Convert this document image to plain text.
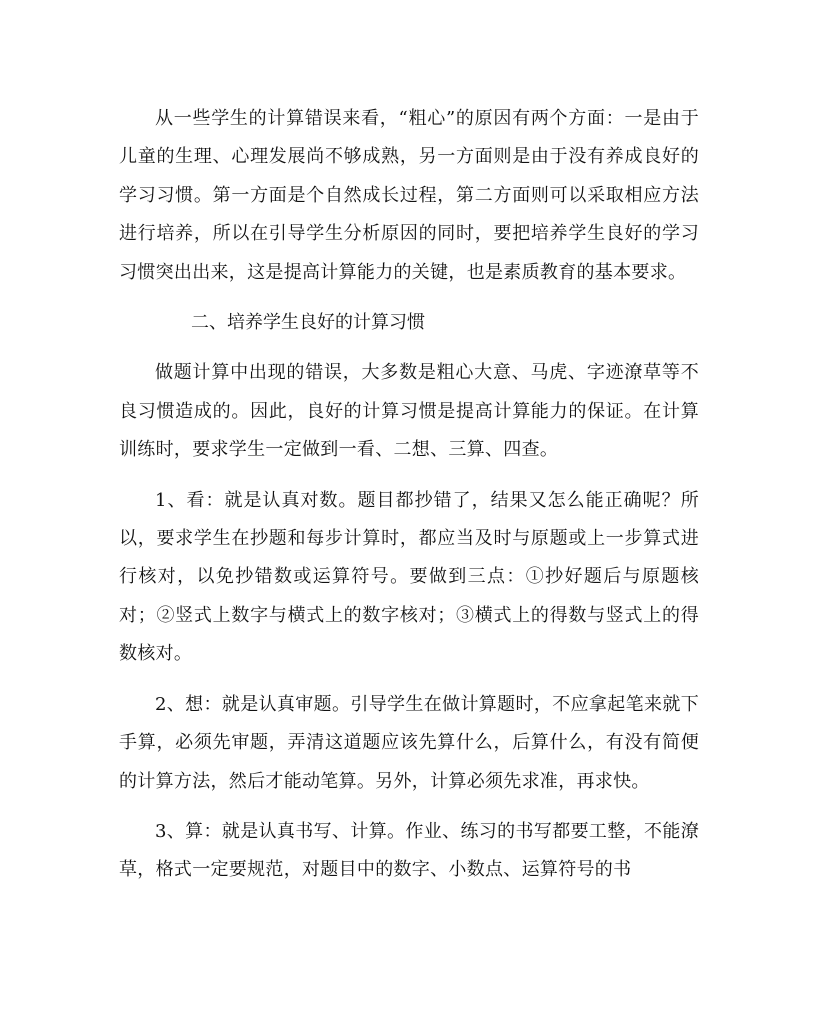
从一些学生的计算错误来看，“粗心”的原因有两个方面：一是由于儿童的生理、心理发展尚不够成熟，另一方面则是由于没有养成良好的学习习惯。第一方面是个自然成长过程，第二方面则可以采取相应方法进行培养，所以在引导学生分析原因的同时，要把培养学生良好的学习习惯突出出来，这是提高计算能力的关键，也是素质教育的基本要求。

二、培养学生良好的计算习惯

做题计算中出现的错误，大多数是粗心大意、马虎、字迹潦草等不良习惯造成的。因此，良好的计算习惯是提高计算能力的保证。在计算训练时，要求学生一定做到一看、二想、三算、四查。

1、看：就是认真对数。题目都抄错了，结果又怎么能正确呢？所以，要求学生在抄题和每步计算时，都应当及时与原题或上一步算式进行核对，以免抄错数或运算符号。要做到三点：①抄好题后与原题核对；②竖式上数字与横式上的数字核对；③横式上的得数与竖式上的得数核对。

2、想：就是认真审题。引导学生在做计算题时，不应拿起笔来就下手算，必须先审题，弄清这道题应该先算什么，后算什么，有没有简便的计算方法，然后才能动笔算。另外，计算必须先求准，再求快。

3、算：就是认真书写、计算。作业、练习的书写都要工整，不能潦草，格式一定要规范，对题目中的数字、小数点、运算符号的书
